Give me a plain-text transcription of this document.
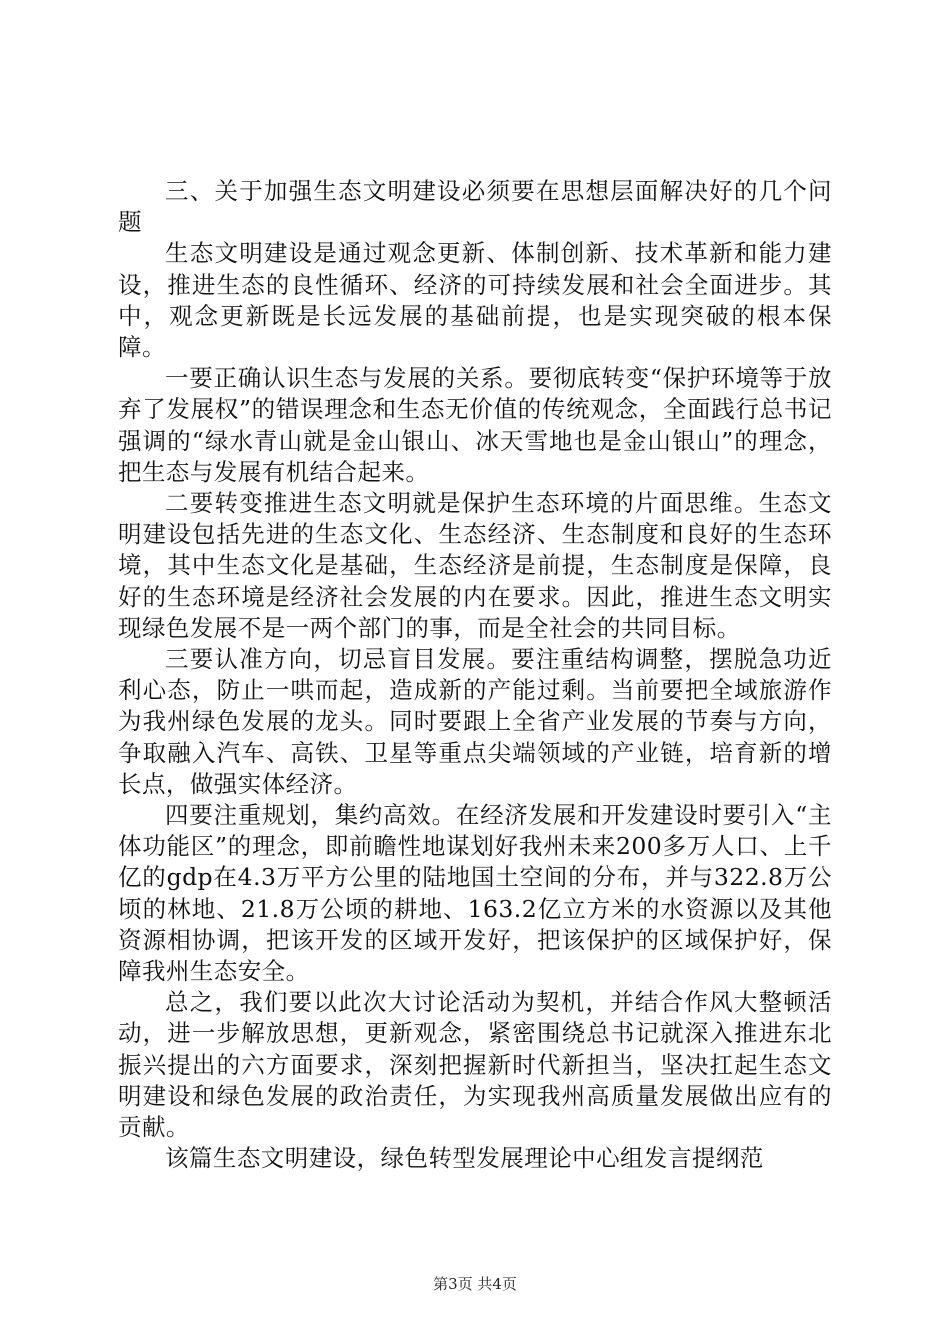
三、关于加强生态文明建设必须要在思想层面解决好的几个问题

生态文明建设是通过观念更新、体制创新、技术革新和能力建设，推进生态的良性循环、经济的可持续发展和社会全面进步。其中，观念更新既是长远发展的基础前提，也是实现突破的根本保障。

一要正确认识生态与发展的关系。要彻底转变“保护环境等于放弃了发展权”的错误理念和生态无价值的传统观念，全面践行总书记强调的“绿水青山就是金山银山、冰天雪地也是金山银山”的理念，把生态与发展有机结合起来。

二要转变推进生态文明就是保护生态环境的片面思维。生态文明建设包括先进的生态文化、生态经济、生态制度和良好的生态环境，其中生态文化是基础，生态经济是前提，生态制度是保障，良好的生态环境是经济社会发展的内在要求。因此，推进生态文明实现绿色发展不是一两个部门的事，而是全社会的共同目标。

三要认准方向，切忌盲目发展。要注重结构调整，摆脱急功近利心态，防止一哄而起，造成新的产能过剩。当前要把全域旅游作为我州绿色发展的龙头。同时要跟上全省产业发展的节奏与方向，争取融入汽车、高铁、卫星等重点尖端领域的产业链，培育新的增长点，做强实体经济。

四要注重规划，集约高效。在经济发展和开发建设时要引入“主体功能区”的理念，即前瞻性地谋划好我州未来200多万人口、上千亿的gdp在4.3万平方公里的陆地国土空间的分布，并与322.8万公顷的林地、21.8万公顷的耕地、163.2亿立方米的水资源以及其他资源相协调，把该开发的区域开发好，把该保护的区域保护好，保障我州生态安全。

总之，我们要以此次大讨论活动为契机，并结合作风大整顿活动，进一步解放思想，更新观念，紧密围绕总书记就深入推进东北振兴提出的六方面要求，深刻把握新时代新担当，坚决扛起生态文明建设和绿色发展的政治责任，为实现我州高质量发展做出应有的贡献。

该篇生态文明建设，绿色转型发展理论中心组发言提纲范

第3页 共4页
